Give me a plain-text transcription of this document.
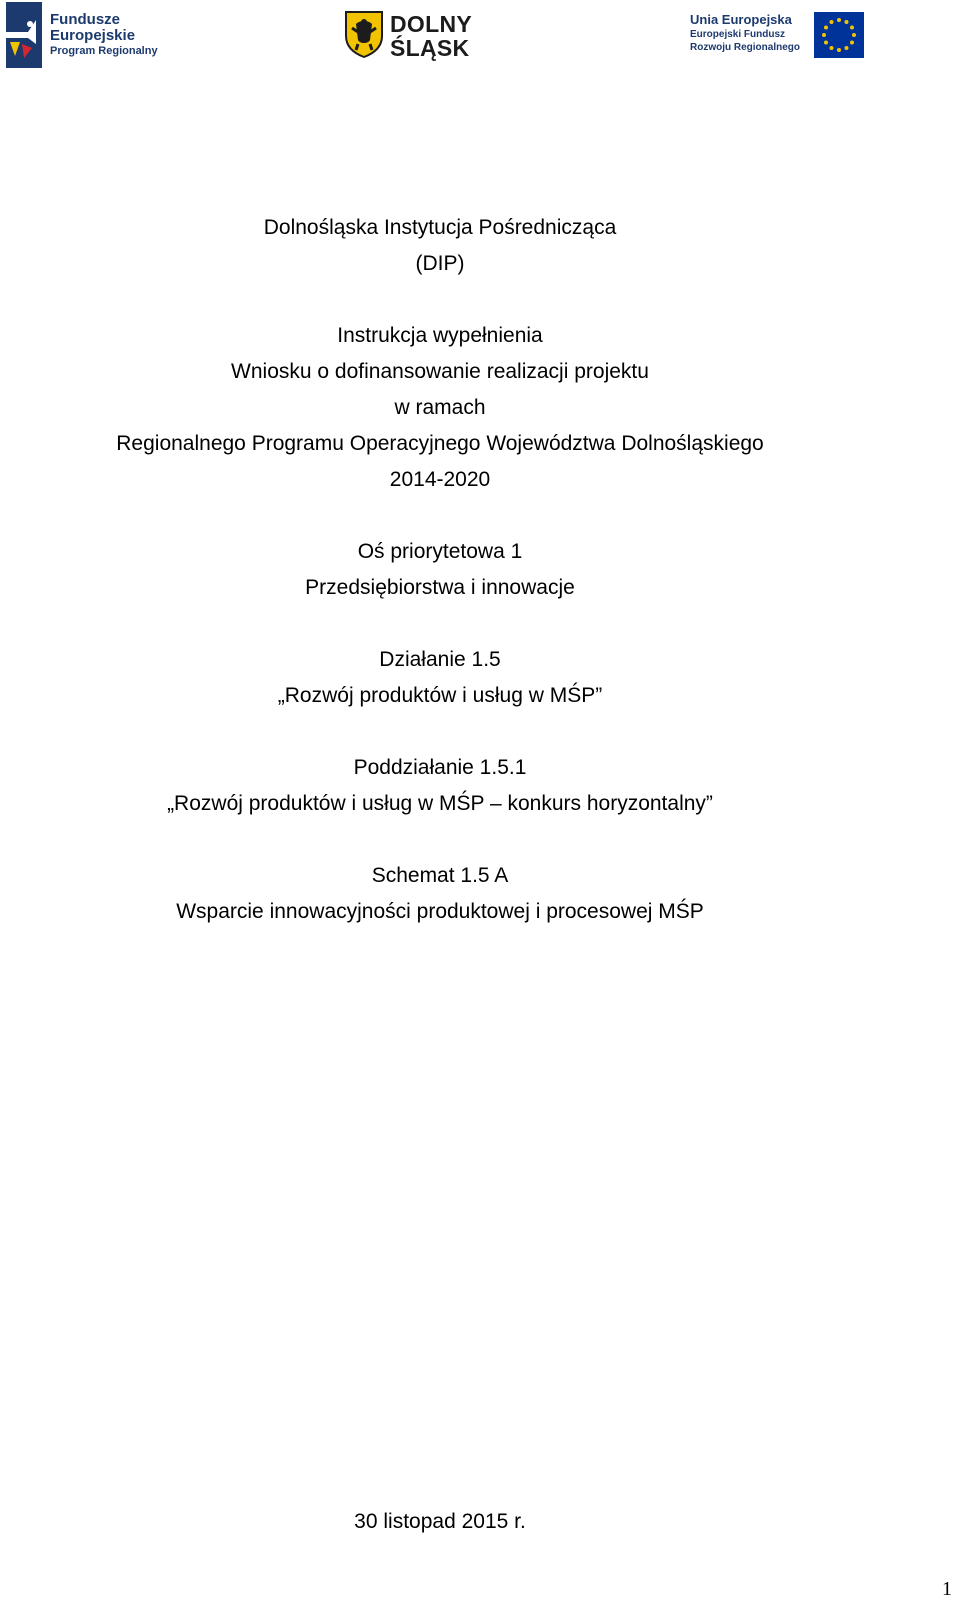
Fundusze
Europejskie
Program Regionalny
DOLNY
ŚLĄSK
Unia Europejska
Europejski Fundusz
Rozwoju Regionalnego
Dolnośląska Instytucja Pośrednicząca
(DIP)
Instrukcja wypełnienia
Wniosku o dofinansowanie realizacji projektu
w ramach
Regionalnego Programu Operacyjnego Województwa Dolnośląskiego
2014-2020
Oś priorytetowa 1
Przedsiębiorstwa i innowacje
Działanie 1.5
„Rozwój produktów i usług w MŚP”
Poddziałanie 1.5.1
„Rozwój produktów i usług w MŚP – konkurs horyzontalny”
Schemat 1.5 A
Wsparcie innowacyjności produktowej i procesowej MŚP
30 listopad 2015 r.
1
